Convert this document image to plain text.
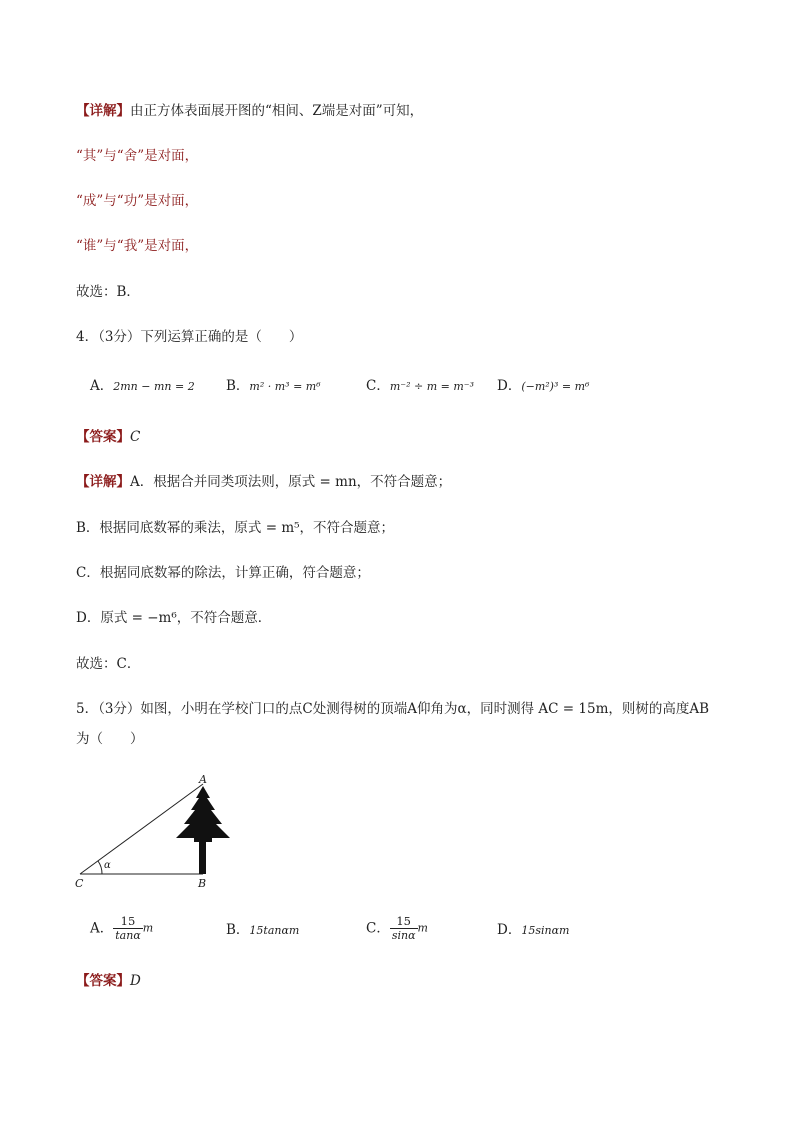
【详解】由正方体表面展开图的“相间、Z端是对面”可知，
“其”与“舍”是对面，
“成”与“功”是对面，
“谁”与“我”是对面，
故选：B．
4．（3分）下列运算正确的是（　　）
A．2mn − mn = 2 B．m² · m³ = m⁶	C．m⁻² ÷ m = m⁻³ D．(−m²)³ = m⁶
【答案】C
【详解】A．根据合并同类项法则，原式 = mn，不符合题意；
B．根据同底数幂的乘法，原式 = m⁵，不符合题意；
C．根据同底数幂的除法，计算正确，符合题意；
D．原式 = −m⁶，不符合题意．
故选：C．
5．（3分）如图，小明在学校门口的点C处测得树的顶端A仰角为α，同时测得 AC = 15m，则树的高度AB
为（　　）
A
B
C
α
A． $\frac{15}{\tan\alpha}$ m	B．15tanαm	C． $\frac{15}{\sin\alpha}$ m	D．15sinαm
【答案】D
